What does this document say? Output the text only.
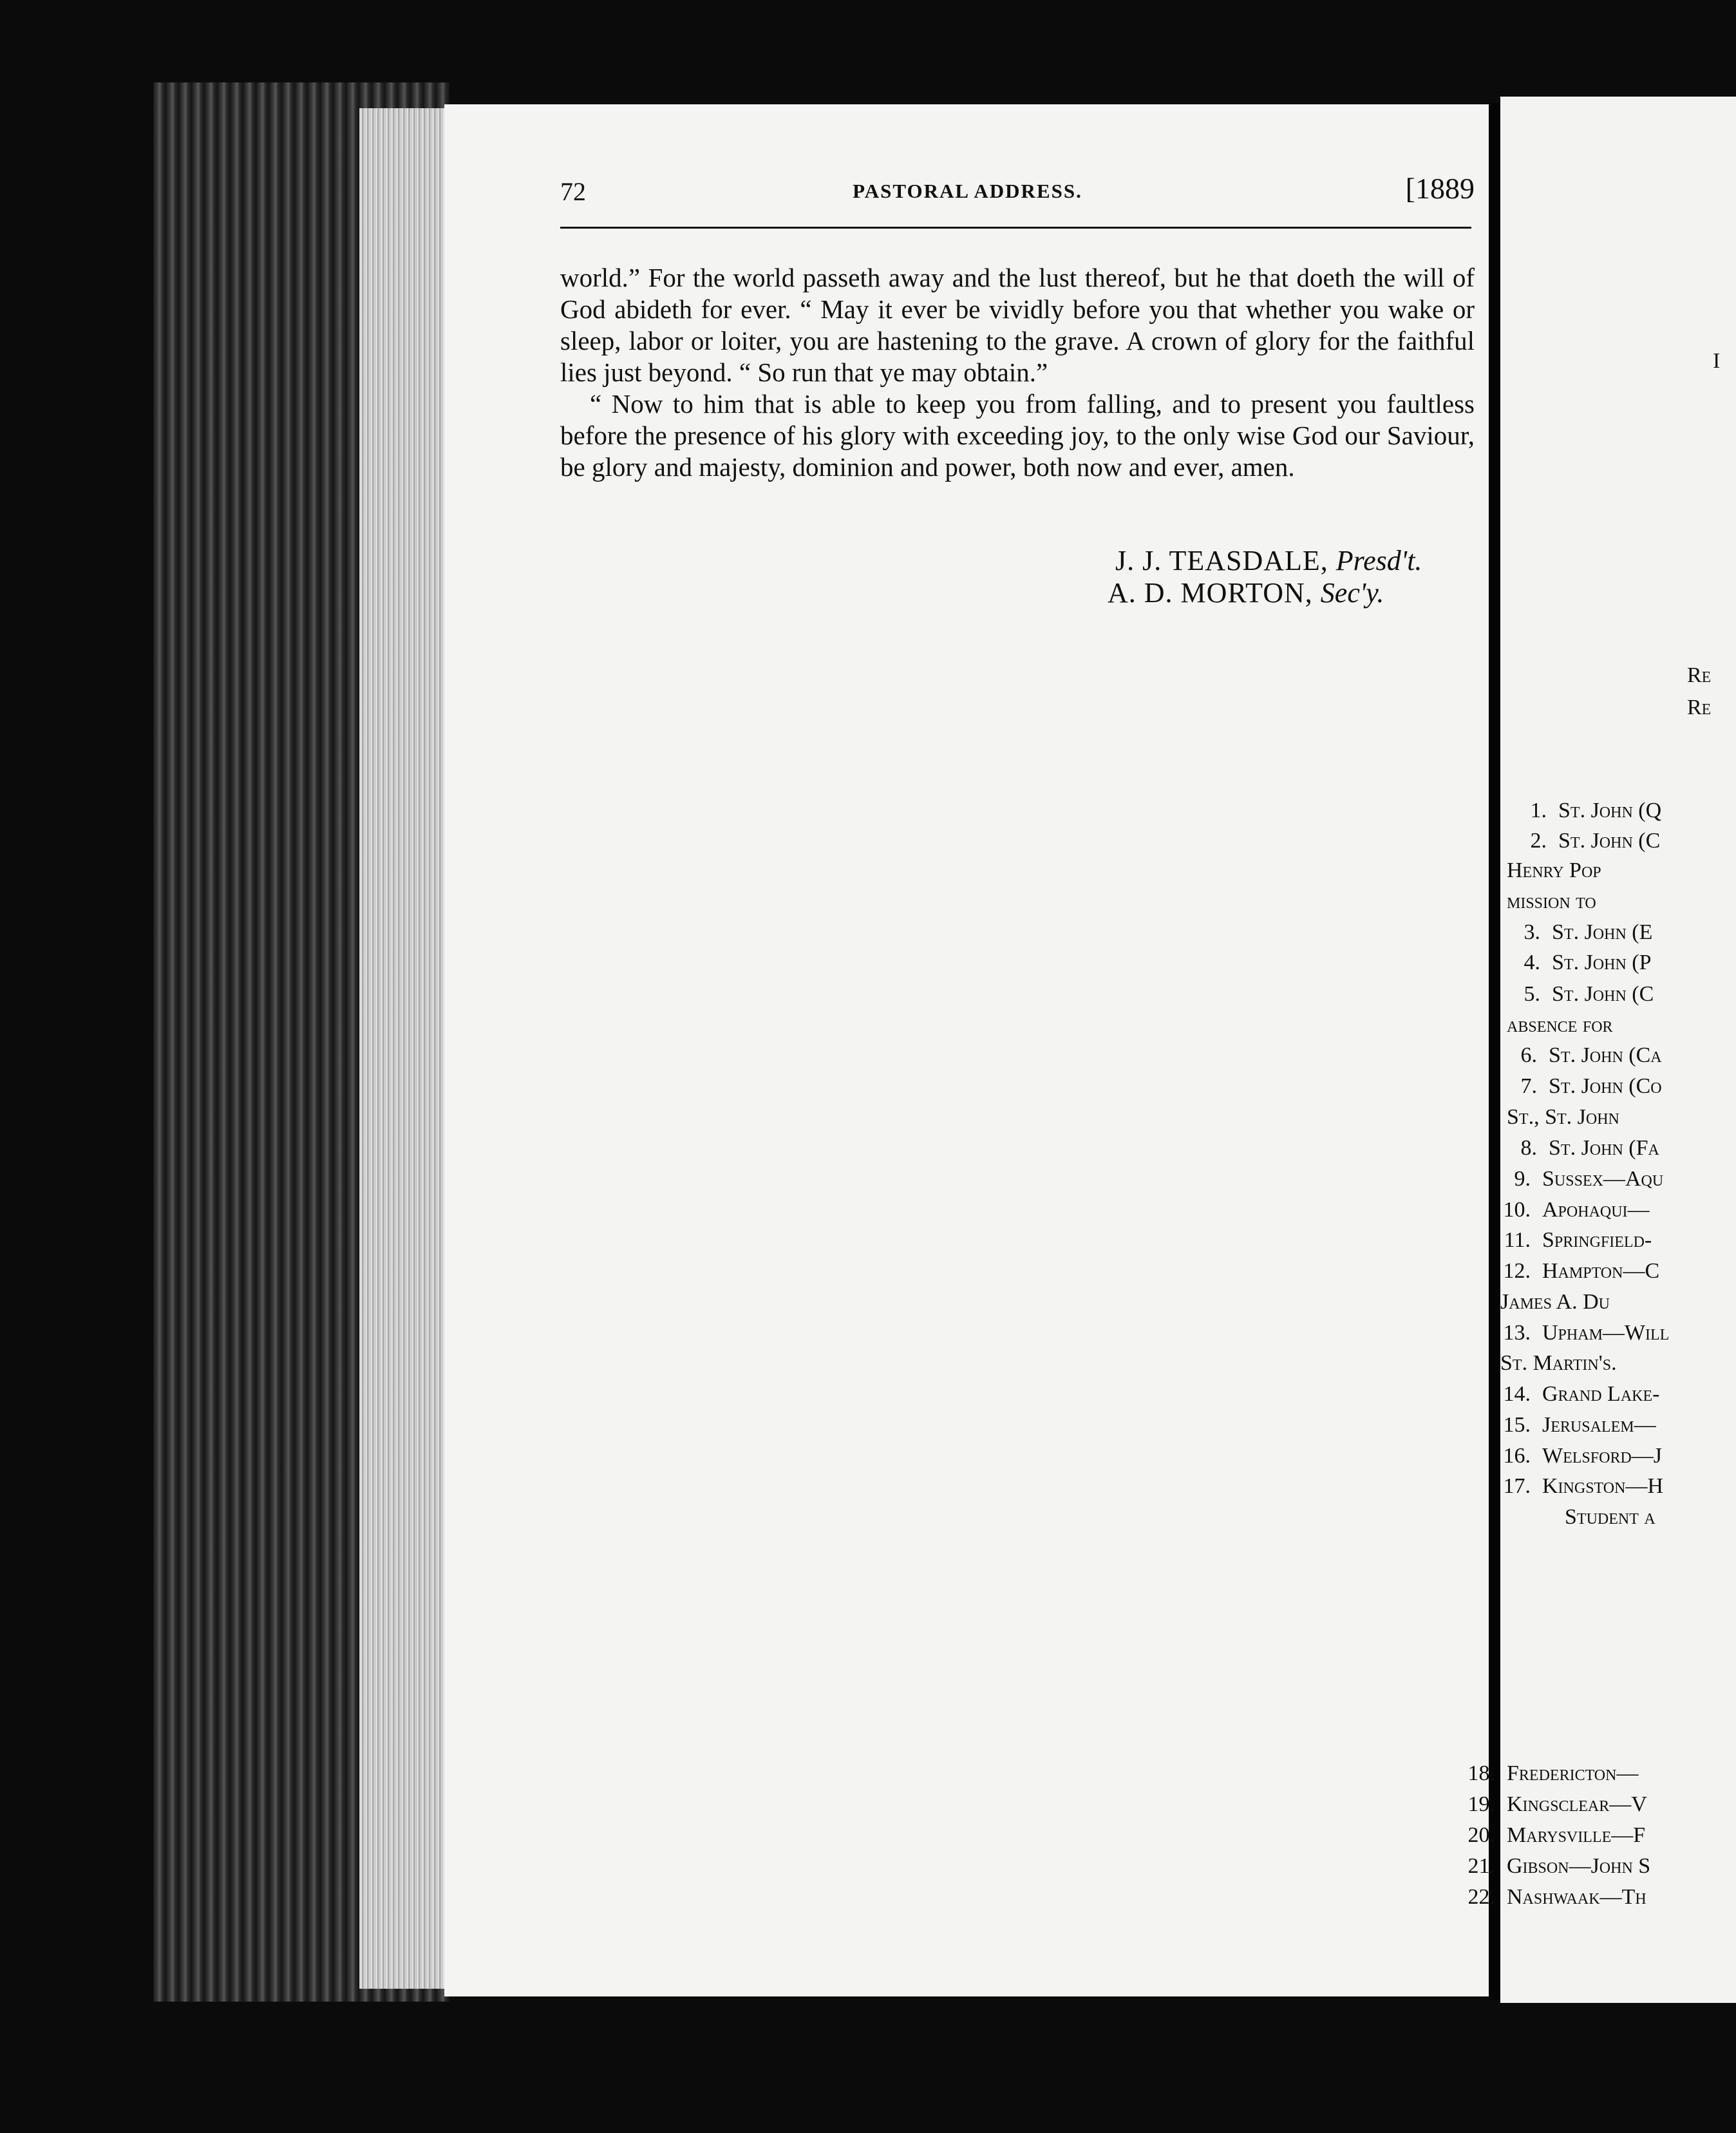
72	PASTORAL ADDRESS.	[1889

world.” For the world passeth away and the lust thereof, but he that doeth the will of God abideth for ever. “ May it ever be vividly before you that whether you wake or sleep, labor or loiter, you are hastening to the grave. A crown of glory for the faithful lies just beyond. “ So run that ye may obtain.”

“ Now to him that is able to keep you from falling, and to present you faultless before the presence of his glory with exceeding joy, to the only wise God our Saviour, be glory and majesty, dominion and power, both now and ever, amen.

J. J. TEASDALE, Presd't.
A. D. MORTON, Sec'y.
I
Re
Re
1. St. John (Q
2. St. John (C
Henry Pop
mission to
3. St. John (E
4. St. John (P
5. St. John (C
absence for
6. St. John (Ca
7. St. John (Co
St., St. John
8. St. John (Fa
9. Sussex—Aqu
10. Apohaqui—
11. Springfield-
12. Hampton—C
James A. Du
13. Upham—Will
St. Martin's.
14. Grand Lake-
15. Jerusalem—
16. Welsford—J
17. Kingston—H
Student a
18. Fredericton—
19. Kingsclear—V
20. Marysville—F
21. Gibson—John S
22. Nashwaak—Th
